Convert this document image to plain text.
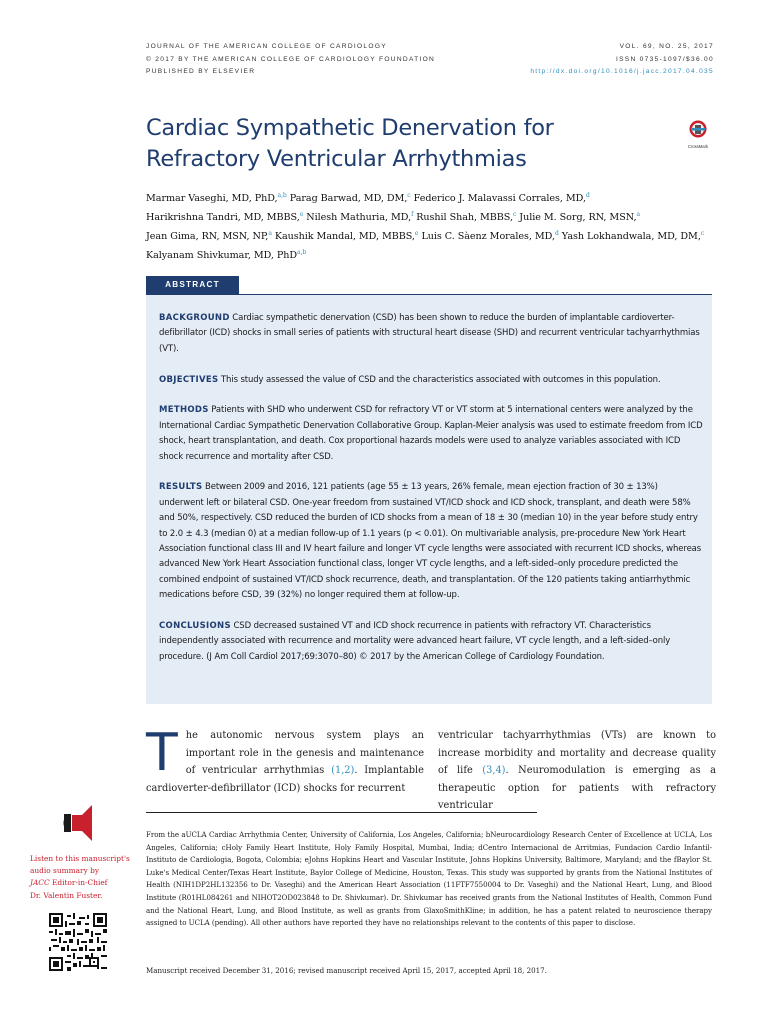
JOURNAL OF THE AMERICAN COLLEGE OF CARDIOLOGY
© 2017 BY THE AMERICAN COLLEGE OF CARDIOLOGY FOUNDATION
PUBLISHED BY ELSEVIER
VOL. 69, NO. 25, 2017
ISSN 0735-1097/$36.00
http://dx.doi.org/10.1016/j.jacc.2017.04.035
Cardiac Sympathetic Denervation for
Refractory Ventricular Arrhythmias	CrossMark
Marmar Vaseghi, MD, PhD,$^{a,b}$ Parag Barwad, MD, DM,$^c$ Federico J. Malavassi Corrales, MD,$^d$
Harikrishna Tandri, MD, MBBS,$^e$ Nilesh Mathuria, MD,$^f$ Rushil Shah, MBBS,$^c$ Julie M. Sorg, RN, MSN,$^a$
Jean Gima, RN, MSN, NP,$^a$ Kaushik Mandal, MD, MBBS,$^e$ Luis C. Sàenz Morales, MD,$^d$ Yash Lokhandwala, MD, DM,$^c$
Kalyanam Shivkumar, MD, PhD$^{a,b}$
ABSTRACT

BACKGROUND Cardiac sympathetic denervation (CSD) has been shown to reduce the burden of implantable cardioverter-defibrillator (ICD) shocks in small series of patients with structural heart disease (SHD) and recurrent ventricular tachyarrhythmias (VT).

OBJECTIVES This study assessed the value of CSD and the characteristics associated with outcomes in this population.

METHODS Patients with SHD who underwent CSD for refractory VT or VT storm at 5 international centers were analyzed by the International Cardiac Sympathetic Denervation Collaborative Group. Kaplan-Meier analysis was used to estimate freedom from ICD shock, heart transplantation, and death. Cox proportional hazards models were used to analyze variables associated with ICD shock recurrence and mortality after CSD.

RESULTS Between 2009 and 2016, 121 patients (age 55 ± 13 years, 26% female, mean ejection fraction of 30 ± 13%) underwent left or bilateral CSD. One-year freedom from sustained VT/ICD shock and ICD shock, transplant, and death were 58% and 50%, respectively. CSD reduced the burden of ICD shocks from a mean of 18 ± 30 (median 10) in the year before study entry to 2.0 ± 4.3 (median 0) at a median follow-up of 1.1 years (p < 0.01). On multivariable analysis, pre-procedure New York Heart Association functional class III and IV heart failure and longer VT cycle lengths were associated with recurrent ICD shocks, whereas advanced New York Heart Association functional class, longer VT cycle lengths, and a left-sided–only procedure predicted the combined endpoint of sustained VT/ICD shock recurrence, death, and transplantation. Of the 120 patients taking antiarrhythmic medications before CSD, 39 (32%) no longer required them at follow-up.

CONCLUSIONS CSD decreased sustained VT and ICD shock recurrence in patients with refractory VT. Characteristics independently associated with recurrence and mortality were advanced heart failure, VT cycle length, and a left-sided–only procedure. (J Am Coll Cardiol 2017;69:3070–80) © 2017 by the American College of Cardiology Foundation.

The autonomic nervous system plays an important role in the genesis and maintenance of ventricular arrhythmias (1,2). Implantable cardioverter-defibrillator (ICD) shocks for recurrent
ventricular tachyarrhythmias (VTs) are known to increase morbidity and mortality and decrease quality of life (3,4). Neuromodulation is emerging as a therapeutic option for patients with refractory ventricular

From the aUCLA Cardiac Arrhythmia Center, University of California, Los Angeles, California; bNeurocardiology Research Center of Excellence at UCLA, Los Angeles, California; cHoly Family Heart Institute, Holy Family Hospital, Mumbai, India; dCentro Internacional de Arritmias, Fundacion Cardio Infantil-Instituto de Cardiologia, Bogota, Colombia; eJohns Hopkins Heart and Vascular Institute, Johns Hopkins University, Baltimore, Maryland; and the fBaylor St. Luke's Medical Center/Texas Heart Institute, Baylor College of Medicine, Houston, Texas. This study was supported by grants from the National Institutes of Health (NIH1DP2HL132356 to Dr. Vaseghi) and the American Heart Association (11FTF7550004 to Dr. Vaseghi) and the National Heart, Lung, and Blood Institute (R01HL084261 and NIHOT2OD023848 to Dr. Shivkumar). Dr. Shivkumar has received grants from the National Institutes of Health, Common Fund and the National Heart, Lung, and Blood Institute, as well as grants from GlaxoSmithKline; in addition, he has a patent related to neuroscience therapy assigned to UCLA (pending). All other authors have reported they have no relationships relevant to the contents of this paper to disclose.

Manuscript received December 31, 2016; revised manuscript received April 15, 2017, accepted April 18, 2017.
Listen to this manuscript's
audio summary by
JACC Editor-in-Chief
Dr. Valentin Fuster.
